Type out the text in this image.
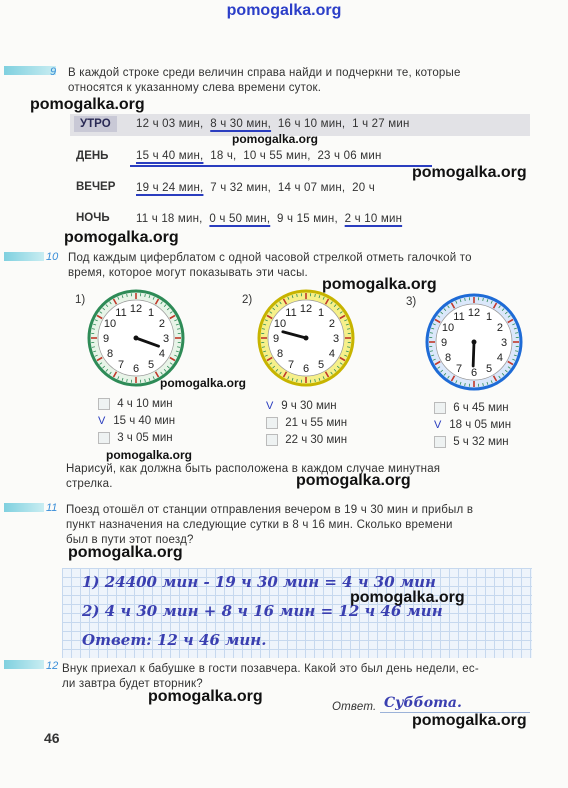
pomogalka.org
9 В каждой строке среди величин справа найди и подчеркни те, которые
относятся к указанному слева времени суток.
pomogalka.org
УТРО	12 ч 03 мин, 8 ч 30 мин, 16 ч 10 мин, 1 ч 27 мин
pomogalka.org
ДЕНЬ 15 ч 40 мин, 18 ч, 10 ч 55 мин, 23 ч 06 мин
pomogalka.org
ВЕЧЕР 19 ч 24 мин, 7 ч 32 мин, 14 ч 07 мин, 20 ч
НОЧЬ 11 ч 18 мин, 0 ч 50 мин, 9 ч 15 мин, 2 ч 10 мин
pomogalka.org
10 Под каждым циферблатом с одной часовой стрелкой отметь галочкой то
время, которое могут показывать эти часы.
pomogalka.org
1)	2)	3)
1
2
3
4
5
6
7
8
9
10
11 12	1
2
3
4
5
6
7
8
9
10
11 12
1
2
3
4
5
6
7
8
9
10
11 12
pomogalka.org
4 ч 10 мин
V 15 ч 40 мин
3 ч 05 мин
V 9 ч 30 мин
21 ч 55 мин
22 ч 30 мин
6 ч 45 мин
V 18 ч 05 мин
5 ч 32 мин
pomogalka.org
Нарисуй, как должна быть расположена в каждом случае минутная
стрелка.	pomogalka.org
11 Поезд отошёл от станции отправления вечером в 19 ч 30 мин и прибыл в
пункт назначения на следующие сутки в 8 ч 16 мин. Сколько времени
был в пути этот поезд?
pomogalka.org
1) 24400 мин - 19 ч 30 мин = 4 ч 30 мин
2) 4 ч 30 мин + 8 ч 16 мин = 12 ч 46 мин
Ответ: 12 ч 46 мин.
pomogalka.org
12 Внук приехал к бабушке в гости позавчера. Какой это был день недели, ес-
ли завтра будет вторник?
pomogalka.org
Ответ. Суббота.
pomogalka.org
46
